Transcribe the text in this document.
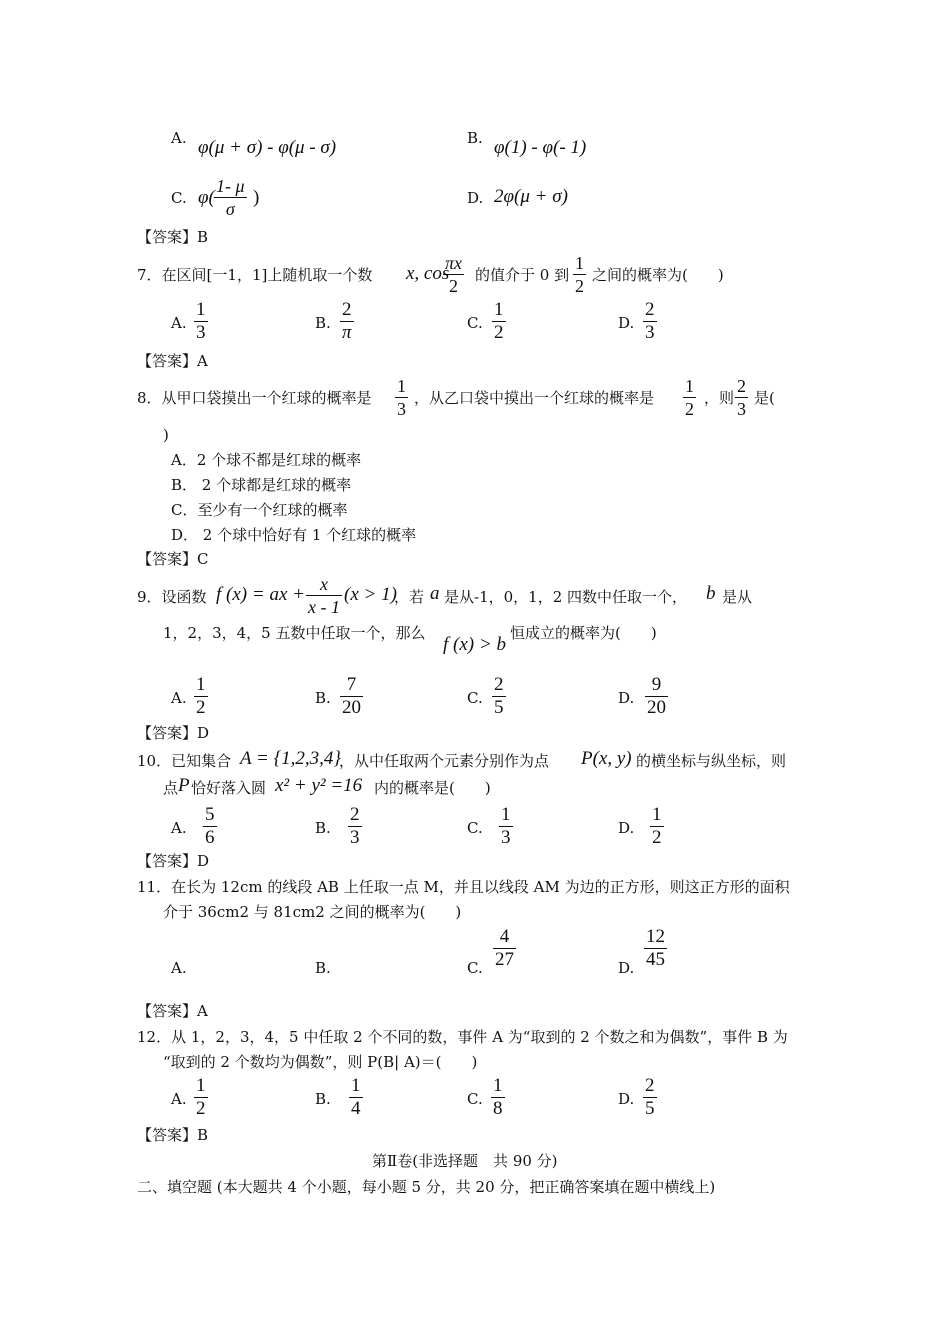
A. φ(μ + σ) - φ(μ - σ)	B. φ(1) - φ(- 1)
C. φ(
1- μ
σ
)	D. 2φ(μ + σ)
【答案】B
7．在区间[一1，1]上随机取一个数 x, cos
πx
2
的值介于 0 到
1
2
之间的概率为(　　)
A.
1
3	B.
2
π	C.
1
2	D.
2
3
【答案】A
8．从甲口袋摸出一个红球的概率是
1
3
，从乙口袋中摸出一个红球的概率是
1
2
，则
2
3
是(
)
A．2 个球不都是红球的概率
B． 2 个球都是红球的概率
C．至少有一个红球的概率
D． 2 个球中恰好有 1 个红球的概率
【答案】C
9．设函数 f (x) = ax + x
x - 1
(x > 1)
，若 a 是从-1，0，1，2 四数中任取一个， b 是从
1，2，3，4，5 五数中任取一个，那么
f (x) > b
恒成立的概率为(　　)
A.
1
2	B.
7
20	C.
2
5	D.
9
20
【答案】D
10．已知集合 A = {1,2,3,4}
，从中任取两个元素分别作为点 P(x, y) 的横坐标与纵坐标，则
点 P 恰好落入圆 x² + y² =16 内的概率是(　　)
A.
5
6	B.
2
3	C.
1
3	D.
1
2
【答案】D
11．在长为 12cm 的线段 AB 上任取一点 M，并且以线段 AM 为边的正方形，则这正方形的面积
介于 36cm2 与 81cm2 之间的概率为(　　)
A.	B.	C.
4
27	D.
12
45
【答案】A
12．从 1，2，3，4，5 中任取 2 个不同的数，事件 A 为“取到的 2 个数之和为偶数”，事件 B 为
“取到的 2 个数均为偶数”，则 P(B| A)＝(　　)
A.
1
2	B.
1
4	C.
1
8	D.
2
5
【答案】B
第Ⅱ卷(非选择题　共 90 分)
二、填空题 (本大题共 4 个小题，每小题 5 分，共 20 分，把正确答案填在题中横线上)
